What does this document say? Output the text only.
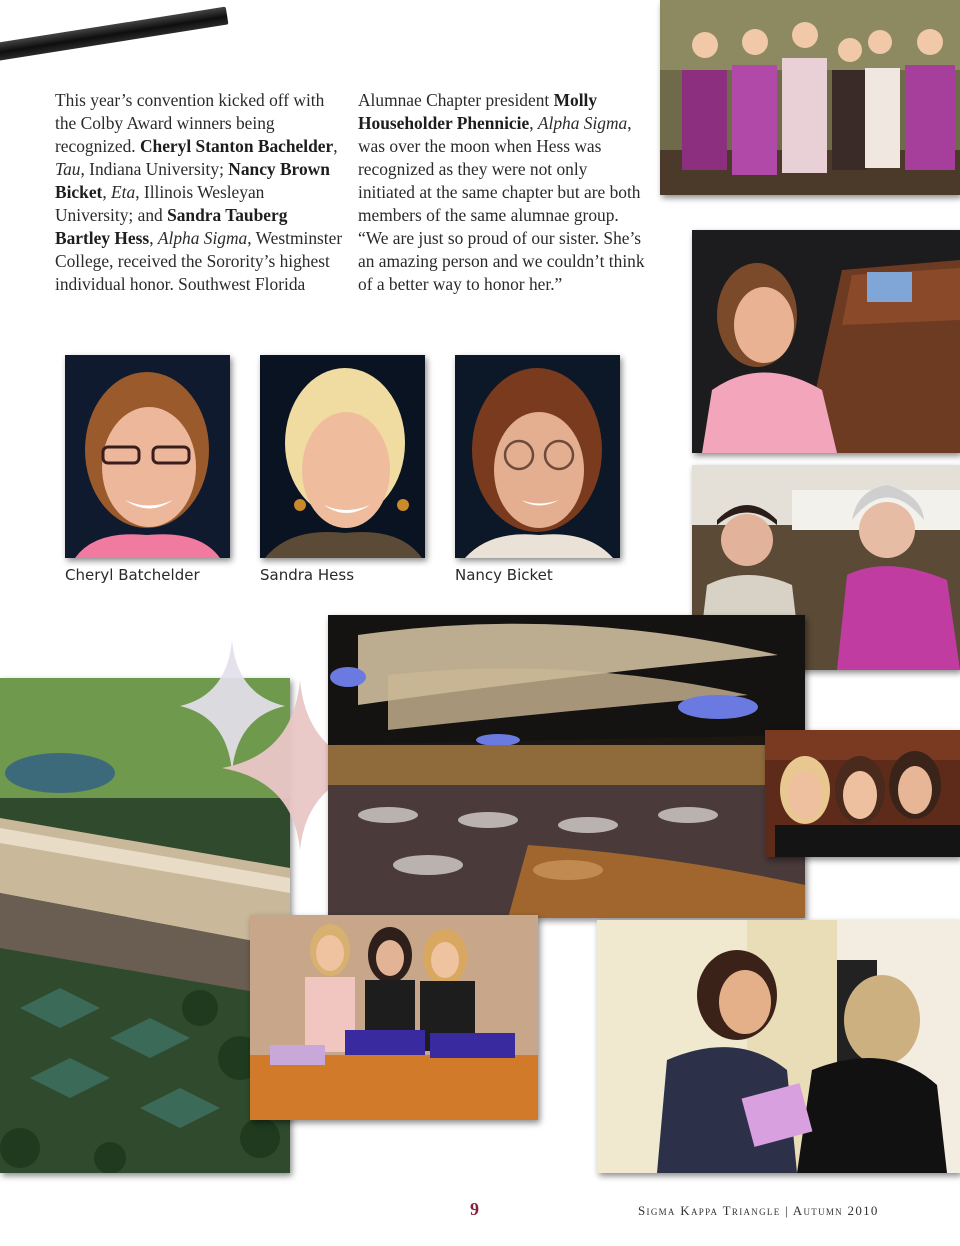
This year’s convention kicked off with the Colby Award winners being recognized. Cheryl Stanton Bachelder, Tau, Indiana University; Nancy Brown Bicket, Eta, Illinois Wesleyan University; and Sandra Tauberg Bartley Hess, Alpha Sigma, Westminster College, received the Sorority’s highest individual honor. Southwest Florida
Alumnae Chapter president Molly Householder Phennicie, Alpha Sigma, was over the moon when Hess was recognized as they were not only initiated at the same chapter but are both members of the same alumnae group. “We are just so proud of our sister. She’s an amazing person and we couldn’t think of a better way to honor her.”
Cheryl Batchelder	Sandra Hess	Nancy Bicket
9	Sigma Kappa Triangle | Autumn 2010
